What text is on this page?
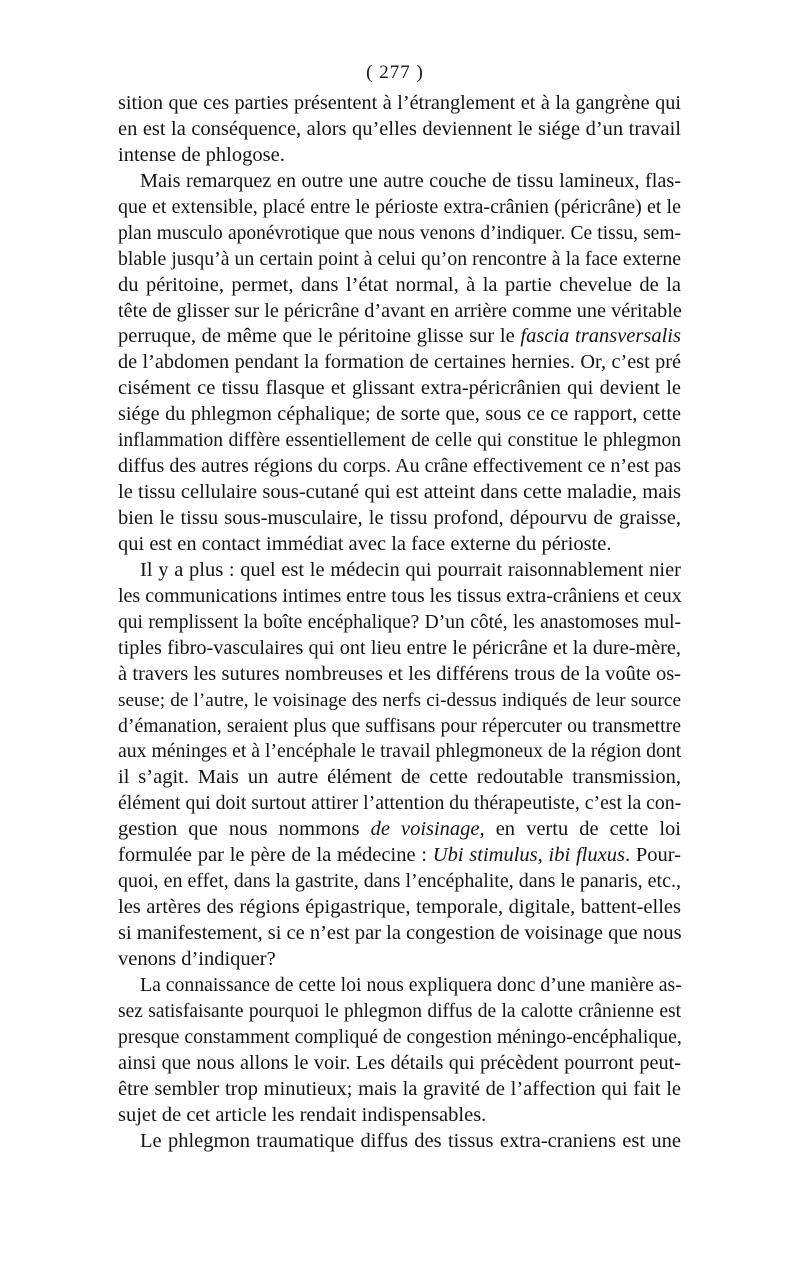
( 277 )
sition que ces parties présentent à l’étranglement et à la gangrène qui
en est la conséquence, alors qu’elles deviennent le siége d’un travail
intense de phlogose.
Mais remarquez en outre une autre couche de tissu lamineux, flas-
que et extensible, placé entre le périoste extra-crânien (péricrâne) et le
plan musculo aponévrotique que nous venons d’indiquer. Ce tissu, sem-
blable jusqu’à un certain point à celui qu’on rencontre à la face externe
du péritoine, permet, dans l’état normal, à la partie chevelue de la
tête de glisser sur le péricrâne d’avant en arrière comme une véritable
perruque, de même que le péritoine glisse sur le fascia transversalis
de l’abdomen pendant la formation de certaines hernies. Or, c’est pré
cisément ce tissu flasque et glissant extra-péricrânien qui devient le
siége du phlegmon céphalique; de sorte que, sous ce ce rapport, cette
inflammation diffère essentiellement de celle qui constitue le phlegmon
diffus des autres régions du corps. Au crâne effectivement ce n’est pas
le tissu cellulaire sous-cutané qui est atteint dans cette maladie, mais
bien le tissu sous-musculaire, le tissu profond, dépourvu de graisse,
qui est en contact immédiat avec la face externe du périoste.
Il y a plus : quel est le médecin qui pourrait raisonnablement nier
les communications intimes entre tous les tissus extra-crâniens et ceux
qui remplissent la boîte encéphalique? D’un côté, les anastomoses mul-
tiples fibro-vasculaires qui ont lieu entre le péricrâne et la dure-mère,
à travers les sutures nombreuses et les différens trous de la voûte os-
seuse; de l’autre, le voisinage des nerfs ci-dessus indiqués de leur source
d’émanation, seraient plus que suffisans pour répercuter ou transmettre
aux méninges et à l’encéphale le travail phlegmoneux de la région dont
il s’agit. Mais un autre élément de cette redoutable transmission,
élément qui doit surtout attirer l’attention du thérapeutiste, c’est la con-
gestion que nous nommons de voisinage, en vertu de cette loi
formulée par le père de la médecine : Ubi stimulus, ibi fluxus. Pour-
quoi, en effet, dans la gastrite, dans l’encéphalite, dans le panaris, etc.,
les artères des régions épigastrique, temporale, digitale, battent-elles
si manifestement, si ce n’est par la congestion de voisinage que nous
venons d’indiquer?
La connaissance de cette loi nous expliquera donc d’une manière as-
sez satisfaisante pourquoi le phlegmon diffus de la calotte crânienne est
presque constamment compliqué de congestion méningo-encéphalique,
ainsi que nous allons le voir. Les détails qui précèdent pourront peut-
être sembler trop minutieux; mais la gravité de l’affection qui fait le
sujet de cet article les rendait indispensables.
Le phlegmon traumatique diffus des tissus extra-craniens est une
